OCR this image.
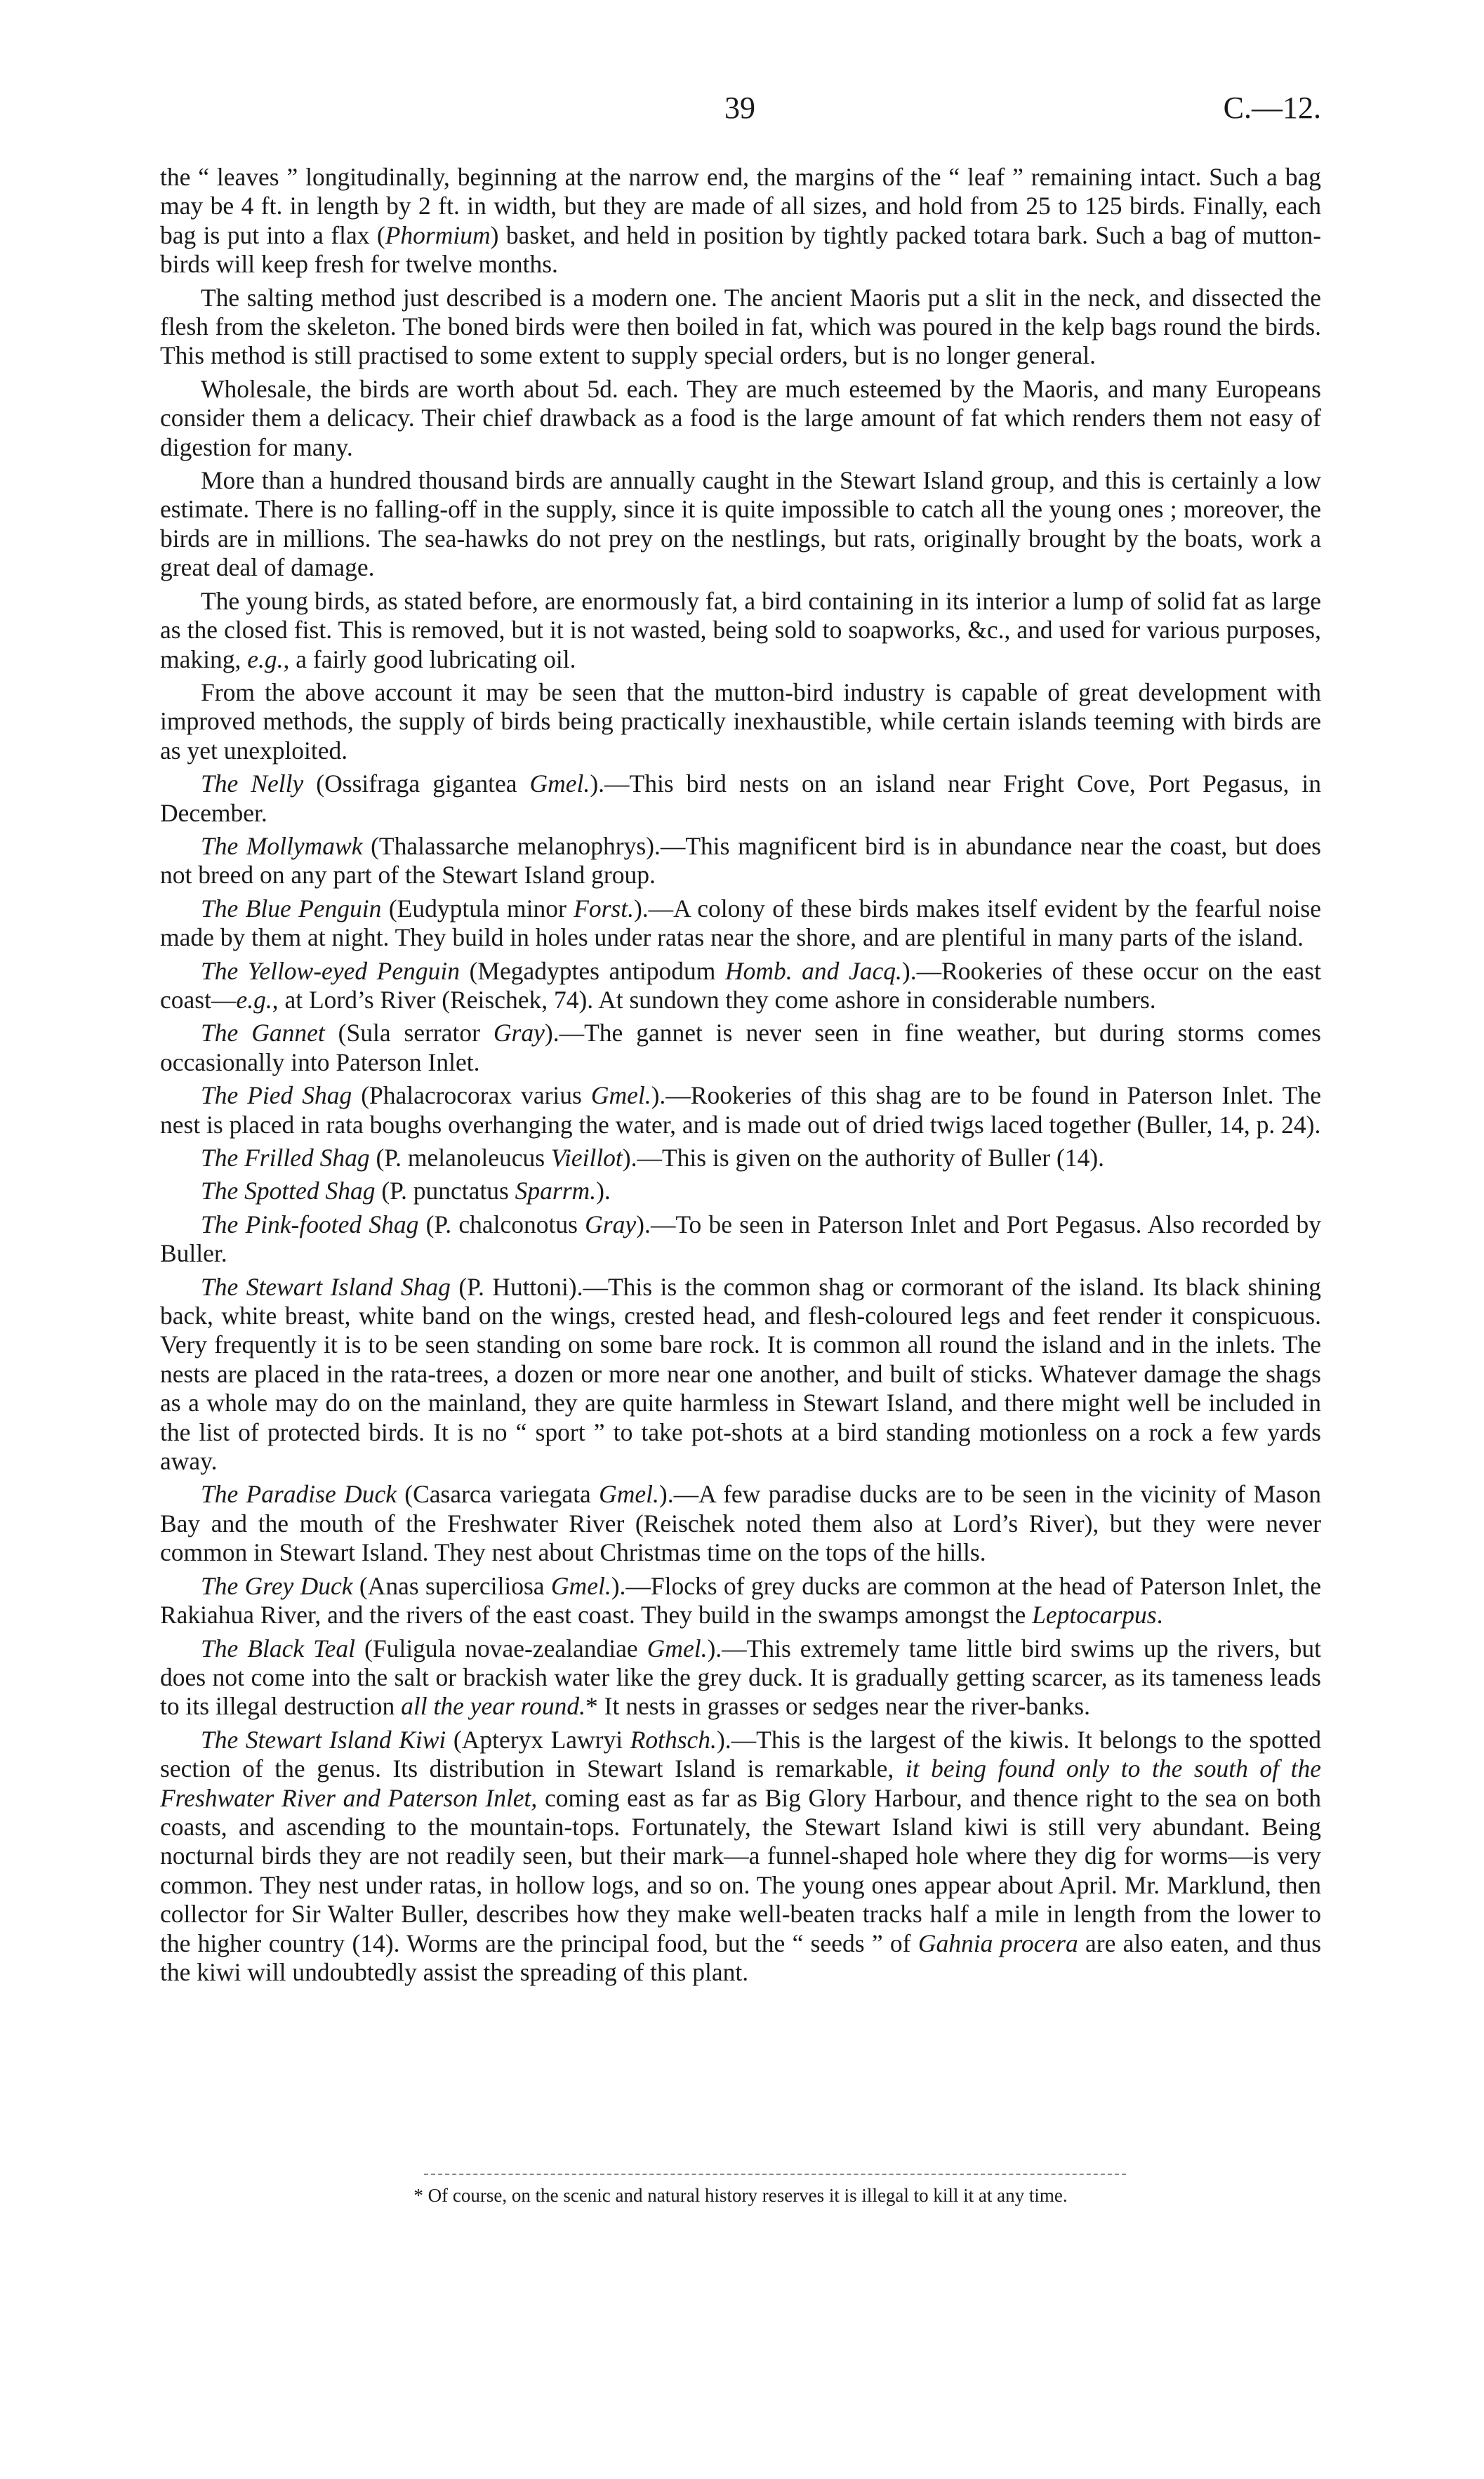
39	C.—12.

the “ leaves ” longitudinally, beginning at the narrow end, the margins of the “ leaf ” remaining intact. Such a bag may be 4 ft. in length by 2 ft. in width, but they are made of all sizes, and hold from 25 to 125 birds. Finally, each bag is put into a flax (Phormium) basket, and held in position by tightly packed totara bark. Such a bag of mutton-birds will keep fresh for twelve months.

The salting method just described is a modern one. The ancient Maoris put a slit in the neck, and dissected the flesh from the skeleton. The boned birds were then boiled in fat, which was poured in the kelp bags round the birds. This method is still practised to some extent to supply special orders, but is no longer general.

Wholesale, the birds are worth about 5d. each. They are much esteemed by the Maoris, and many Europeans consider them a delicacy. Their chief drawback as a food is the large amount of fat which renders them not easy of digestion for many.

More than a hundred thousand birds are annually caught in the Stewart Island group, and this is certainly a low estimate. There is no falling-off in the supply, since it is quite impossible to catch all the young ones ; moreover, the birds are in millions. The sea-hawks do not prey on the nestlings, but rats, originally brought by the boats, work a great deal of damage.

The young birds, as stated before, are enormously fat, a bird containing in its interior a lump of solid fat as large as the closed fist. This is removed, but it is not wasted, being sold to soapworks, &c., and used for various purposes, making, e.g., a fairly good lubricating oil.

From the above account it may be seen that the mutton-bird industry is capable of great development with improved methods, the supply of birds being practically inexhaustible, while certain islands teeming with birds are as yet unexploited.

The Nelly (Ossifraga gigantea Gmel.).—This bird nests on an island near Fright Cove, Port Pegasus, in December.

The Mollymawk (Thalassarche melanophrys).—This magnificent bird is in abundance near the coast, but does not breed on any part of the Stewart Island group.

The Blue Penguin (Eudyptula minor Forst.).—A colony of these birds makes itself evident by the fearful noise made by them at night. They build in holes under ratas near the shore, and are plentiful in many parts of the island.

The Yellow-eyed Penguin (Megadyptes antipodum Homb. and Jacq.).—Rookeries of these occur on the east coast—e.g., at Lord’s River (Reischek, 74). At sundown they come ashore in considerable numbers.

The Gannet (Sula serrator Gray).—The gannet is never seen in fine weather, but during storms comes occasionally into Paterson Inlet.

The Pied Shag (Phalacrocorax varius Gmel.).—Rookeries of this shag are to be found in Paterson Inlet. The nest is placed in rata boughs overhanging the water, and is made out of dried twigs laced together (Buller, 14, p. 24).

The Frilled Shag (P. melanoleucus Vieillot).—This is given on the authority of Buller (14).

The Spotted Shag (P. punctatus Sparrm.).

The Pink-footed Shag (P. chalconotus Gray).—To be seen in Paterson Inlet and Port Pegasus. Also recorded by Buller.

The Stewart Island Shag (P. Huttoni).—This is the common shag or cormorant of the island. Its black shining back, white breast, white band on the wings, crested head, and flesh-coloured legs and feet render it conspicuous. Very frequently it is to be seen standing on some bare rock. It is common all round the island and in the inlets. The nests are placed in the rata-trees, a dozen or more near one another, and built of sticks. Whatever damage the shags as a whole may do on the mainland, they are quite harmless in Stewart Island, and there might well be included in the list of protected birds. It is no “ sport ” to take pot-shots at a bird standing motionless on a rock a few yards away.

The Paradise Duck (Casarca variegata Gmel.).—A few paradise ducks are to be seen in the vicinity of Mason Bay and the mouth of the Freshwater River (Reischek noted them also at Lord’s River), but they were never common in Stewart Island. They nest about Christmas time on the tops of the hills.

The Grey Duck (Anas superciliosa Gmel.).—Flocks of grey ducks are common at the head of Paterson Inlet, the Rakiahua River, and the rivers of the east coast. They build in the swamps amongst the Leptocarpus.

The Black Teal (Fuligula novae-zealandiae Gmel.).—This extremely tame little bird swims up the rivers, but does not come into the salt or brackish water like the grey duck. It is gradually getting scarcer, as its tameness leads to its illegal destruction all the year round.* It nests in grasses or sedges near the river-banks.

The Stewart Island Kiwi (Apteryx Lawryi Rothsch.).—This is the largest of the kiwis. It belongs to the spotted section of the genus. Its distribution in Stewart Island is remarkable, it being found only to the south of the Freshwater River and Paterson Inlet, coming east as far as Big Glory Harbour, and thence right to the sea on both coasts, and ascending to the mountain-tops. Fortunately, the Stewart Island kiwi is still very abundant. Being nocturnal birds they are not readily seen, but their mark—a funnel-shaped hole where they dig for worms—is very common. They nest under ratas, in hollow logs, and so on. The young ones appear about April. Mr. Marklund, then collector for Sir Walter Buller, describes how they make well-beaten tracks half a mile in length from the lower to the higher country (14). Worms are the principal food, but the “ seeds ” of Gahnia procera are also eaten, and thus the kiwi will undoubtedly assist the spreading of this plant.

* Of course, on the scenic and natural history reserves it is illegal to kill it at any time.
